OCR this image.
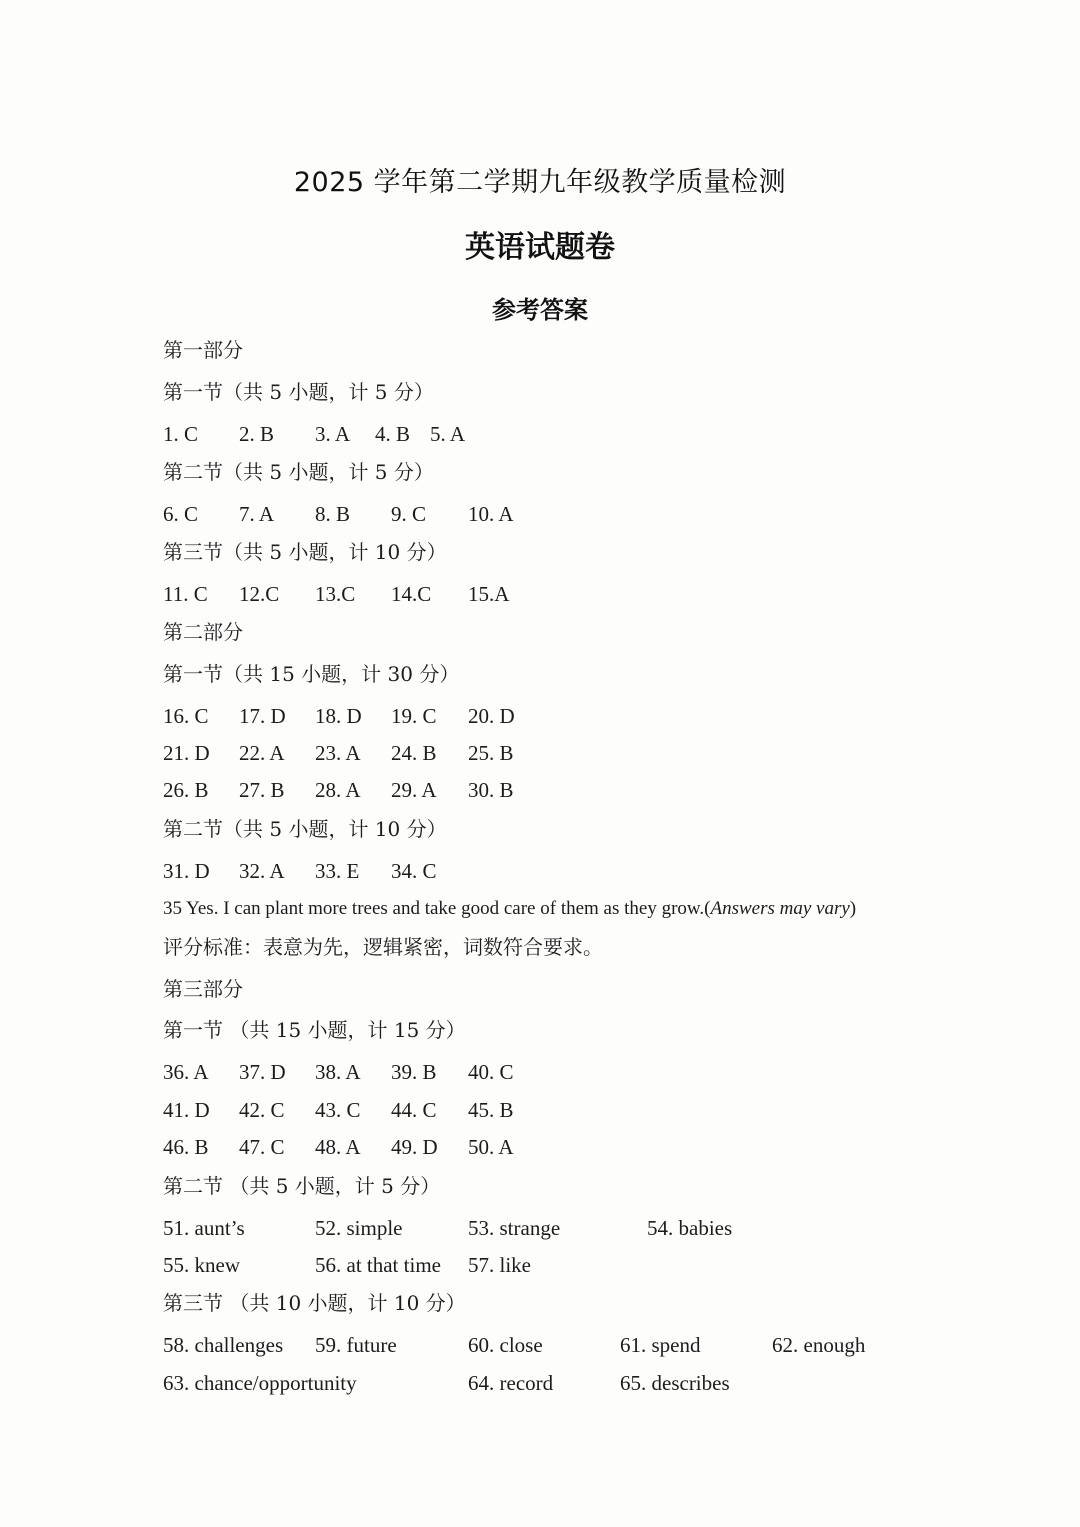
2025 学年第二学期九年级教学质量检测
英语试题卷
参考答案
第一部分
第一节（共 5 小题，计 5 分）
1. C 2. B 3. A 4. B 5. A
第二节（共 5 小题，计 5 分）
6. C 7. A 8. B 9. C 10. A
第三节（共 5 小题，计 10 分）
11. C 12.C 13.C 14.C 15.A
第二部分
第一节（共 15 小题，计 30 分）
16. C 17. D 18. D 19. C 20. D
21. D 22. A 23. A 24. B 25. B
26. B 27. B 28. A 29. A 30. B
第二节（共 5 小题，计 10 分）
31. D 32. A 33. E 34. C
35 Yes. I can plant more trees and take good care of them as they grow.(Answers may vary)
评分标准：表意为先，逻辑紧密，词数符合要求。
第三部分
第一节 （共 15 小题，计 15 分）
36. A 37. D 38. A 39. B 40. C
41. D 42. C 43. C 44. C 45. B
46. B 47. C 48. A 49. D 50. A
第二节 （共 5 小题，计 5 分）
51. aunt’s	52. simple	53. strange	54. babies
55. knew	56. at that time 57. like
第三节 （共 10 小题，计 10 分）
58. challenges 59. future	60. close	61. spend	62. enough
63. chance/opportunity	64. record	65. describes
